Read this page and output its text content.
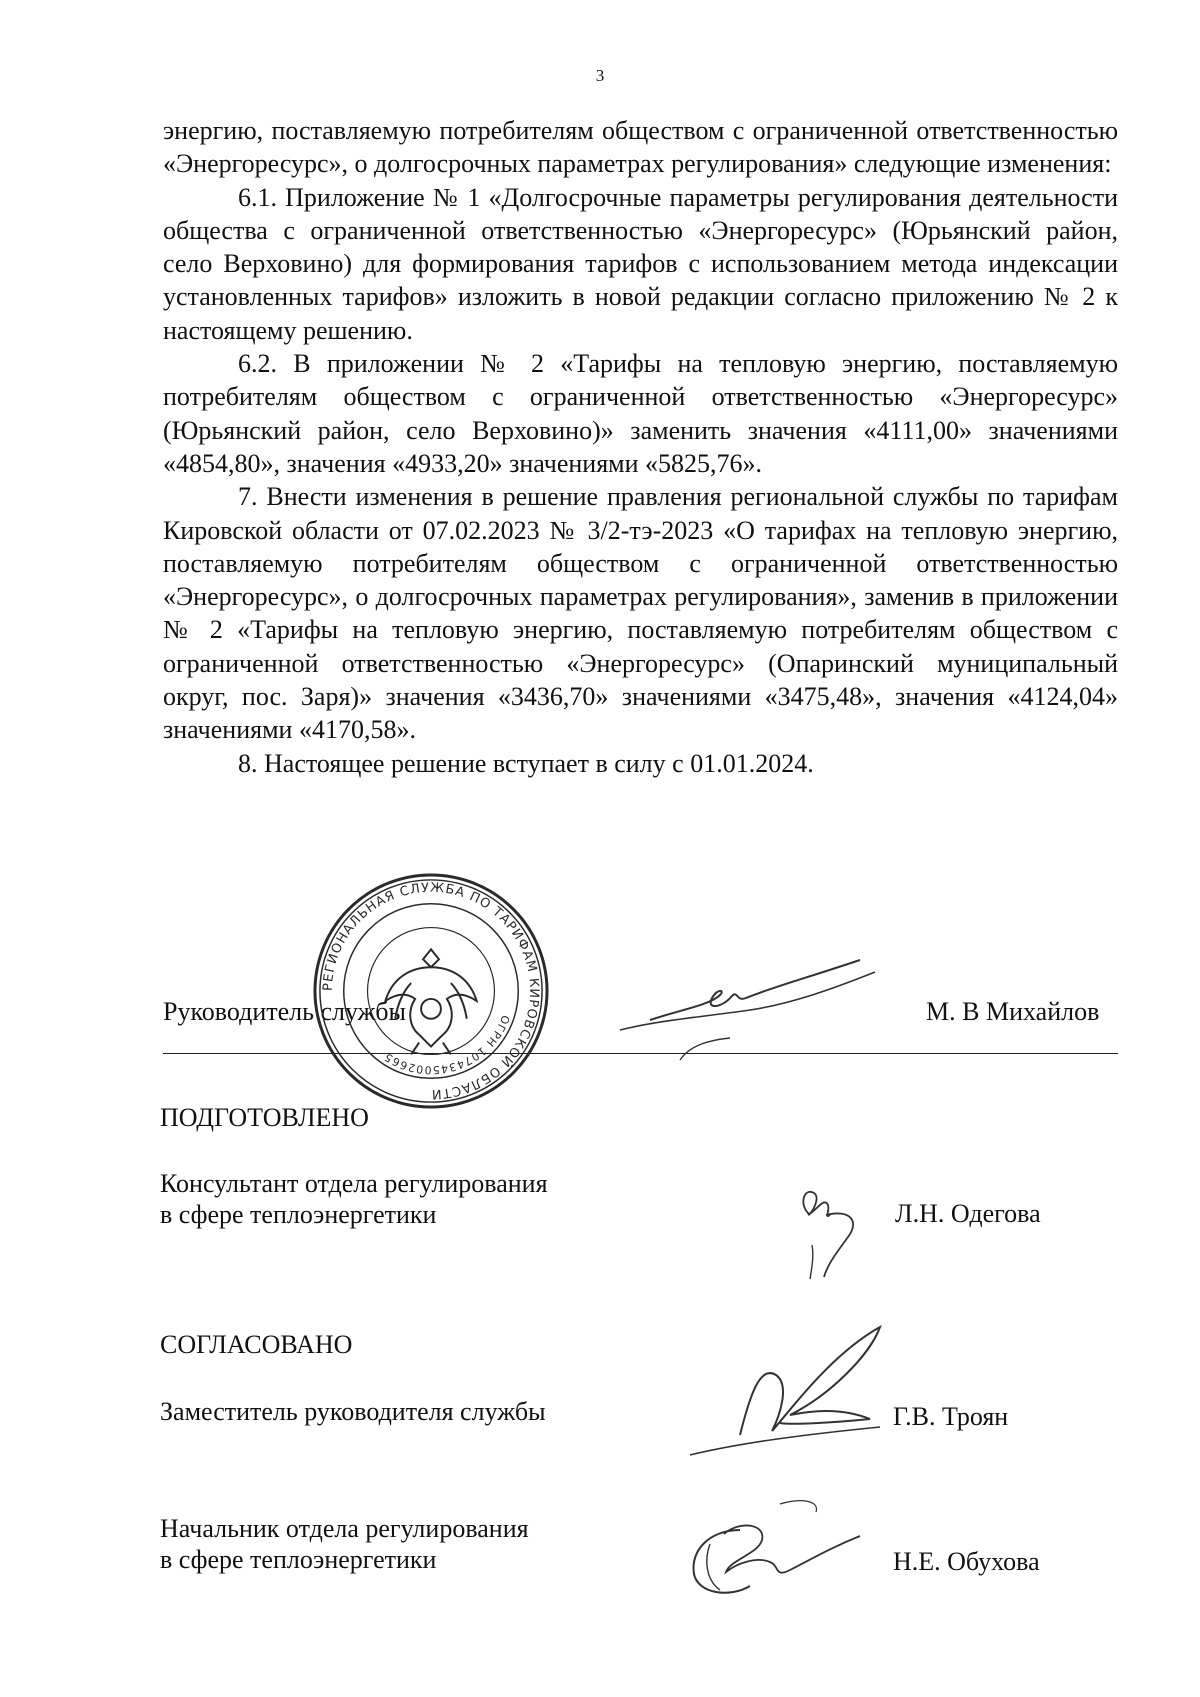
3

энергию, поставляемую потребителям обществом с ограниченной ответственностью «Энергоресурс», о долгосрочных параметрах регулирования» следующие изменения:

6.1. Приложение № 1 «Долгосрочные параметры регулирования деятельности общества с ограниченной ответственностью «Энергоресурс» (Юрьянский район, село Верховино) для формирования тарифов с использованием метода индексации установленных тарифов» изложить в новой редакции согласно приложению № 2 к настоящему решению.

6.2. В приложении № 2 «Тарифы на тепловую энергию, поставляемую потребителям обществом с ограниченной ответственностью «Энергоресурс» (Юрьянский район, село Верховино)» заменить значения «4111,00» значениями «4854,80», значения «4933,20» значениями «5825,76».

7. Внести изменения в решение правления региональной службы по тарифам Кировской области от 07.02.2023 № 3/2-тэ-2023 «О тарифах на тепловую энергию, поставляемую потребителям обществом с ограниченной ответственностью «Энергоресурс», о долгосрочных параметрах регулирования», заменив в приложении № 2 «Тарифы на тепловую энергию, поставляемую потребителям обществом с ограниченной ответственностью «Энергоресурс» (Опаринский муниципальный округ, пос. Заря)» значения «3436,70» значениями «3475,48», значения «4124,04» значениями «4170,58».

8. Настоящее решение вступает в силу с 01.01.2024.

Руководитель службы	М. В Михайлов
РЕГИОНАЛЬНАЯ СЛУЖБА ПО ТАРИФАМ КИРОВСКОЙ ОБЛАСТИ
ОГРН 1074345002665
ПОДГОТОВЛЕНО
Консультант отдела регулирования
в сфере теплоэнергетики	Л.Н. Одегова
СОГЛАСОВАНО
Заместитель руководителя службы	Г.В. Троян
Начальник отдела регулирования
в сфере теплоэнергетики	Н.Е. Обухова
